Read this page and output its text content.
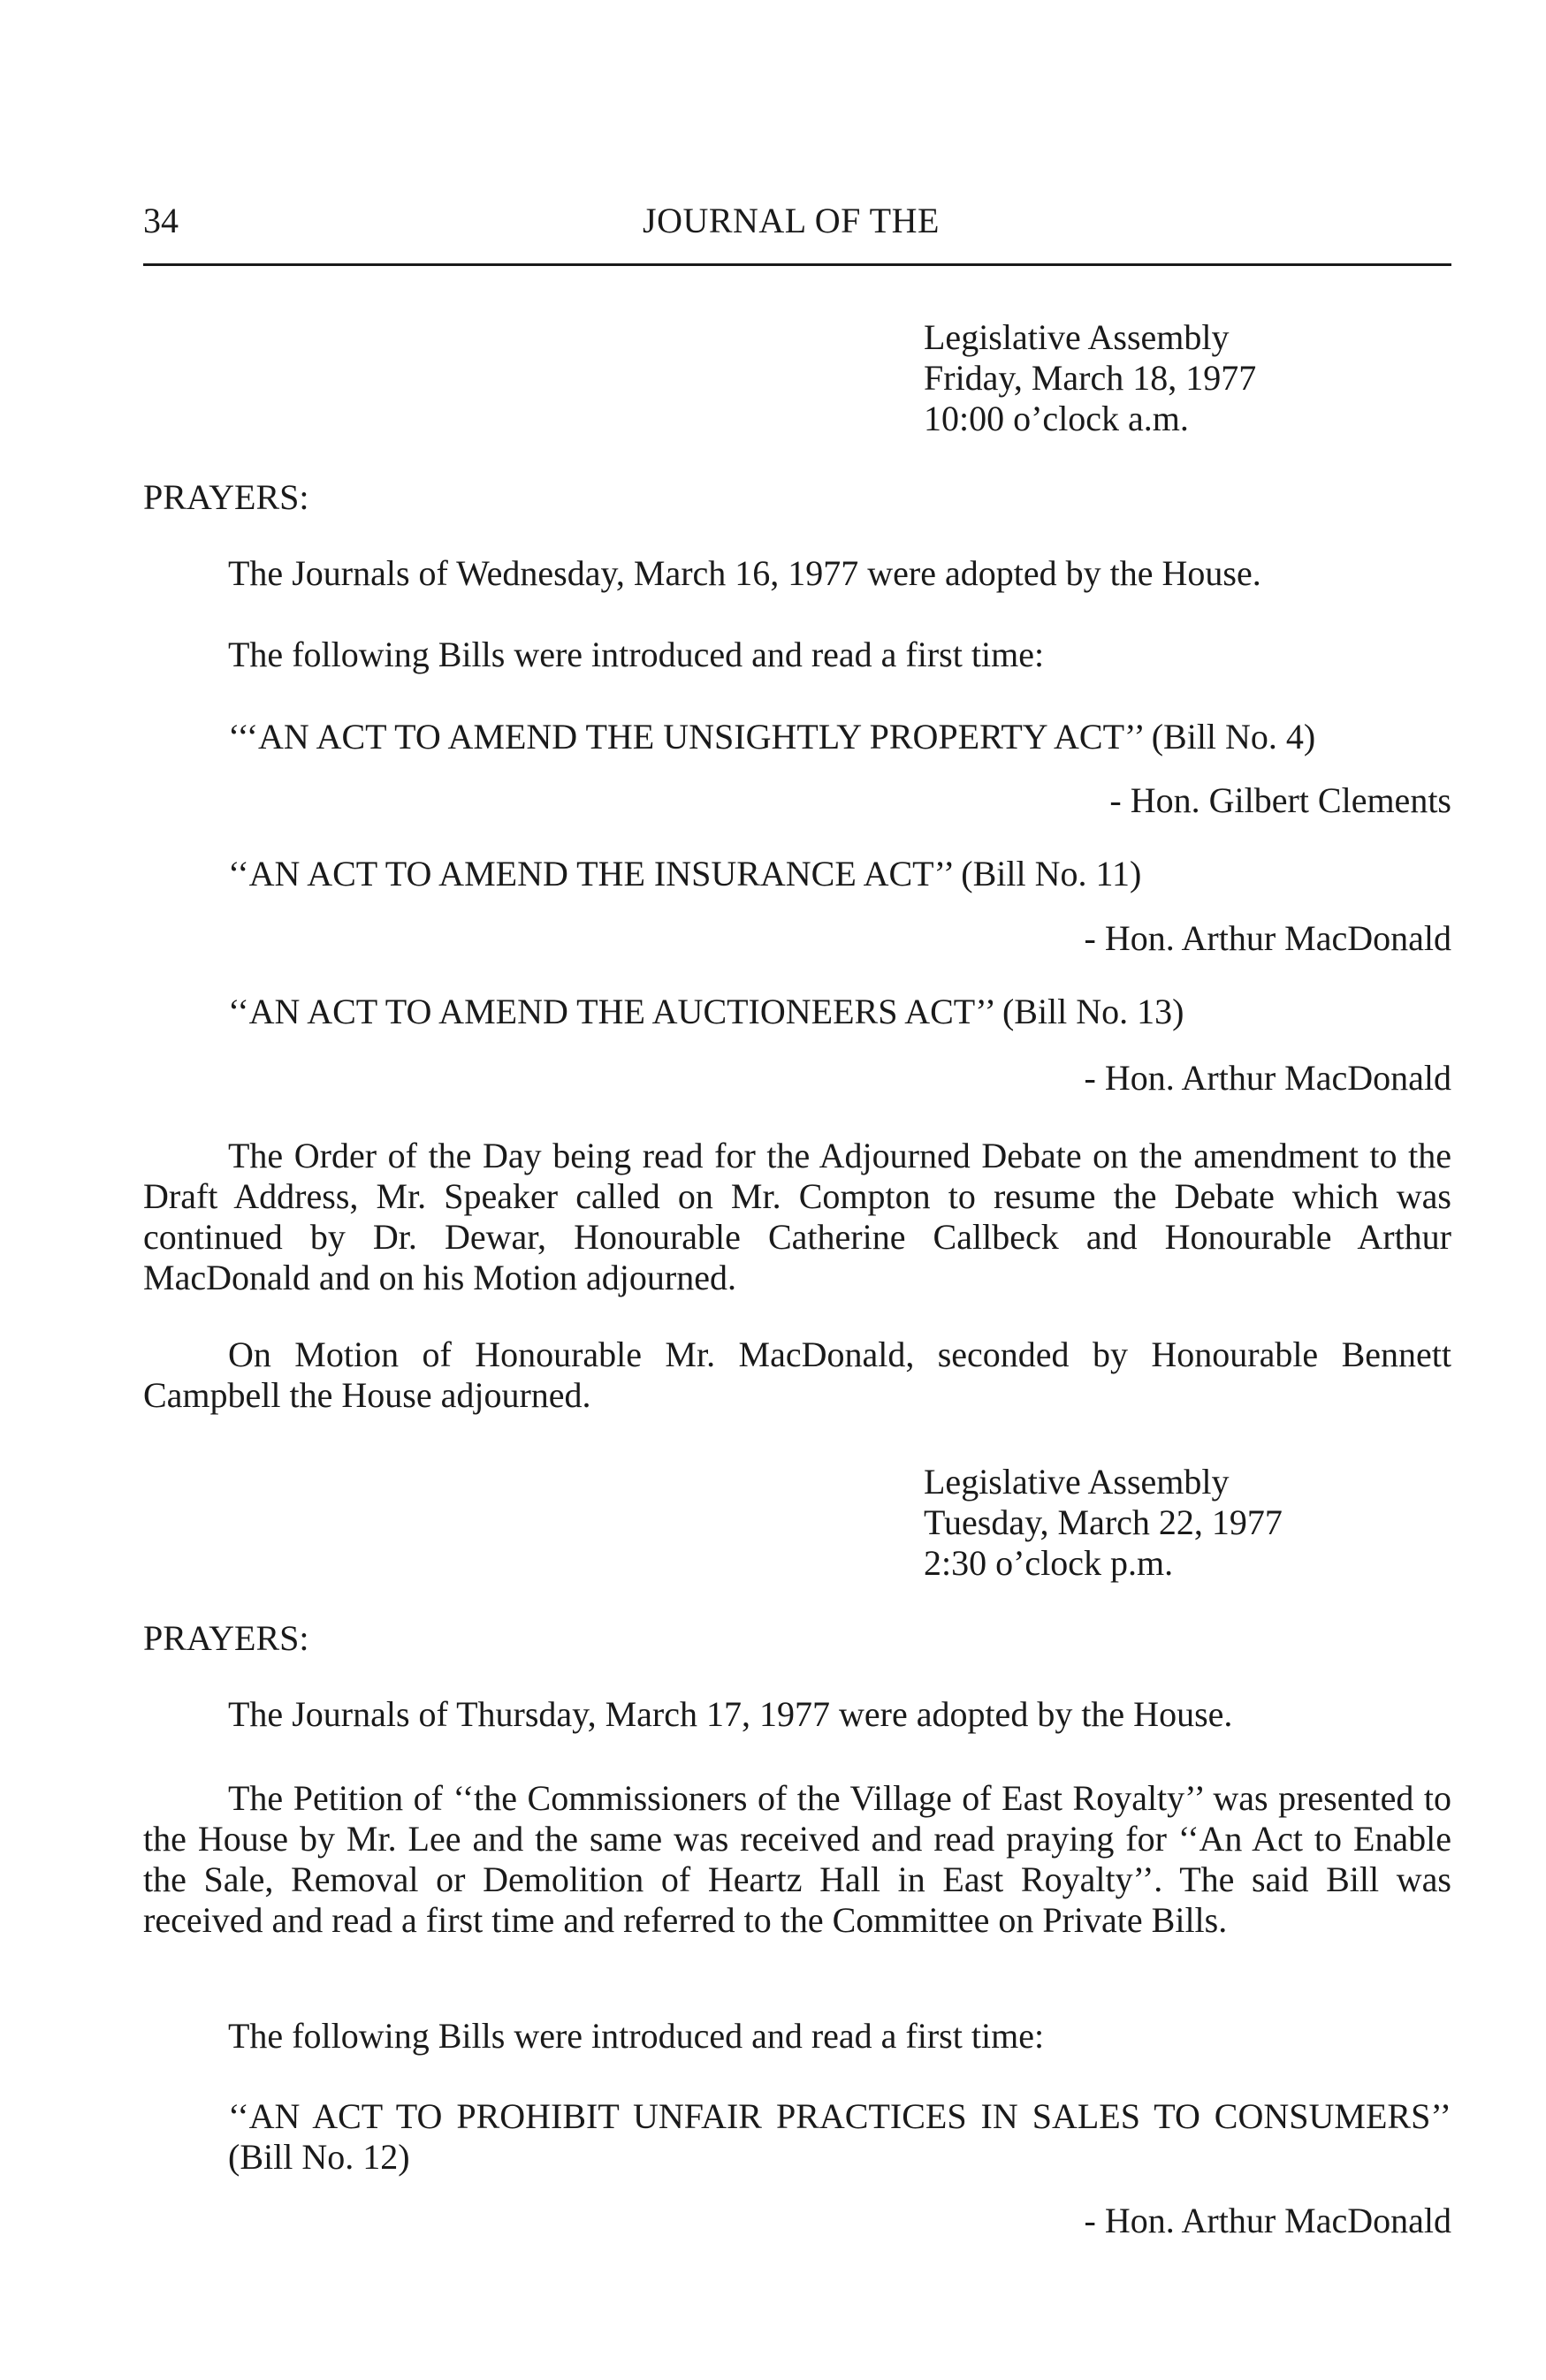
34	JOURNAL OF THE
Legislative Assembly
Friday, March 18, 1977
10:00 o’clock a.m.
PRAYERS:
The Journals of Wednesday, March 16, 1977 were adopted by the House.
The following Bills were introduced and read a first time:
‘‘‘AN ACT TO AMEND THE UNSIGHTLY PROPERTY ACT’’ (Bill No. 4)
- Hon. Gilbert Clements
‘‘AN ACT TO AMEND THE INSURANCE ACT’’ (Bill No. 11)
- Hon. Arthur MacDonald
‘‘AN ACT TO AMEND THE AUCTIONEERS ACT’’ (Bill No. 13)
- Hon. Arthur MacDonald

The Order of the Day being read for the Adjourned Debate on the amendment to the Draft Address, Mr. Speaker called on Mr. Compton to resume the Debate which was continued by Dr. Dewar, Honourable Catherine Callbeck and Honourable Arthur MacDonald and on his Motion adjourned.

On Motion of Honourable Mr. MacDonald, seconded by Honourable Bennett Campbell the House adjourned.

Legislative Assembly
Tuesday, March 22, 1977
2:30 o’clock p.m.
PRAYERS:
The Journals of Thursday, March 17, 1977 were adopted by the House.

The Petition of ‘‘the Commissioners of the Village of East Royalty’’ was presented to the House by Mr. Lee and the same was received and read praying for ‘‘An Act to Enable the Sale, Removal or Demolition of Heartz Hall in East Royalty’’. The said Bill was received and read a first time and referred to the Committee on Private Bills.

The following Bills were introduced and read a first time:

‘‘AN ACT TO PROHIBIT UNFAIR PRACTICES IN SALES TO CONSUMERS’’ (Bill No. 12)

- Hon. Arthur MacDonald
